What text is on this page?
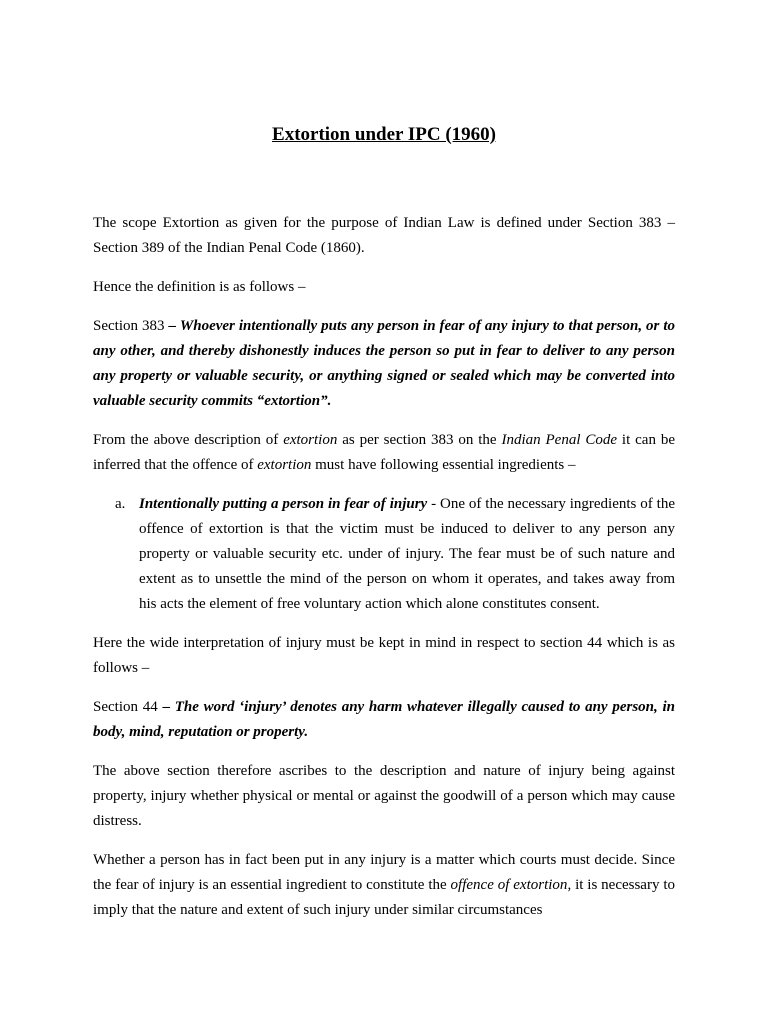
Extortion under IPC (1960)

The scope Extortion as given for the purpose of Indian Law is defined under Section 383 – Section 389 of the Indian Penal Code (1860).

Hence the definition is as follows –

Section 383 – Whoever intentionally puts any person in fear of any injury to that person, or to any other, and thereby dishonestly induces the person so put in fear to deliver to any person any property or valuable security, or anything signed or sealed which may be converted into valuable security commits “extortion”.

From the above description of extortion as per section 383 on the Indian Penal Code it can be inferred that the offence of extortion must have following essential ingredients –

a. Intentionally putting a person in fear of injury - One of the necessary ingredients of the offence of extortion is that the victim must be induced to deliver to any person any property or valuable security etc. under of injury. The fear must be of such nature and extent as to unsettle the mind of the person on whom it operates, and takes away from his acts the element of free voluntary action which alone constitutes consent.

Here the wide interpretation of injury must be kept in mind in respect to section 44 which is as follows –

Section 44 – The word ‘injury’ denotes any harm whatever illegally caused to any person, in body, mind, reputation or property.

The above section therefore ascribes to the description and nature of injury being against property, injury whether physical or mental or against the goodwill of a person which may cause distress.

Whether a person has in fact been put in any injury is a matter which courts must decide. Since the fear of injury is an essential ingredient to constitute the offence of extortion, it is necessary to imply that the nature and extent of such injury under similar circumstances
